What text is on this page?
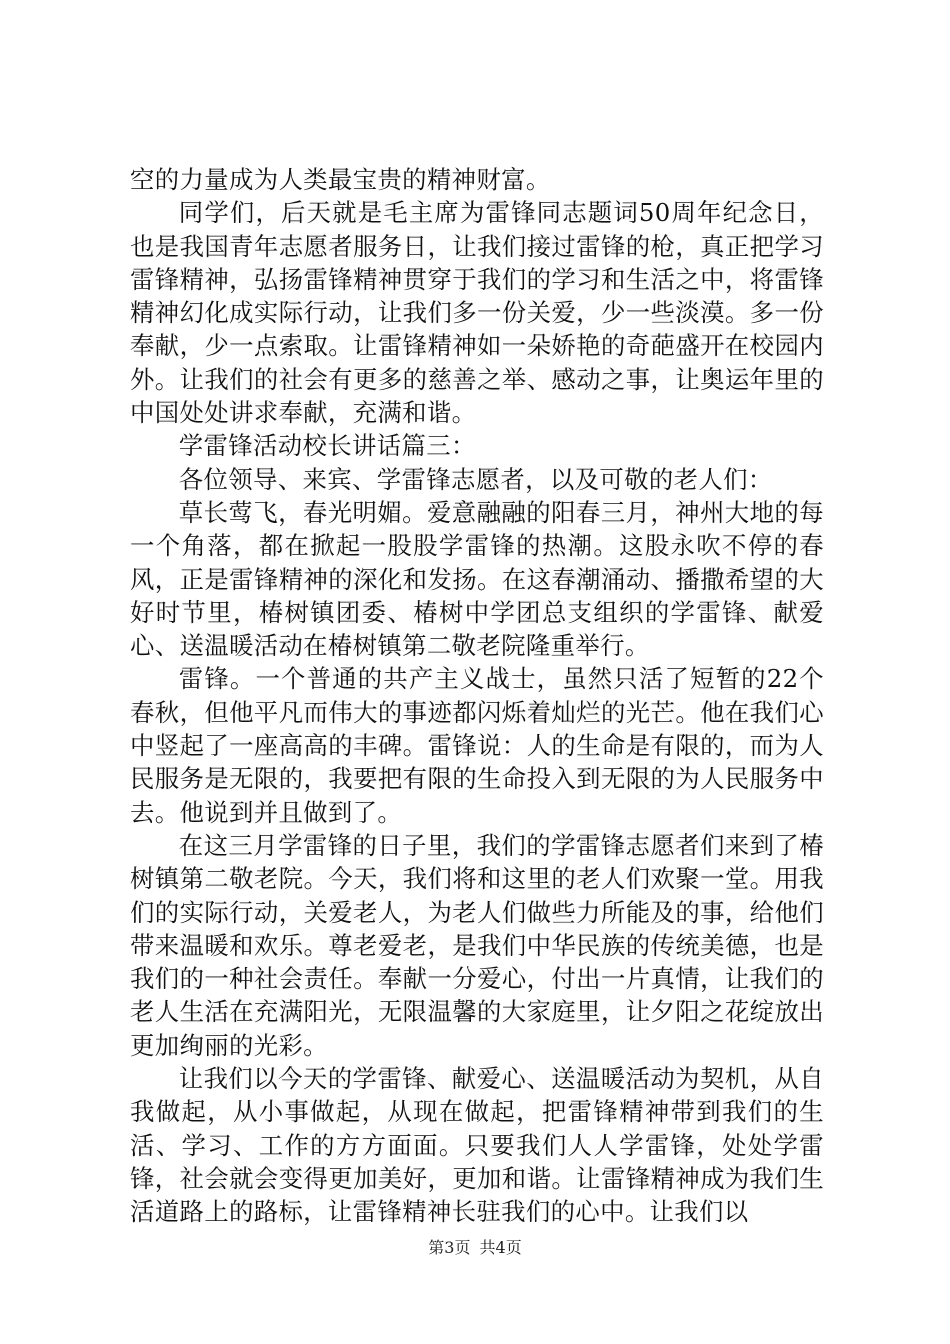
空的力量成为人类最宝贵的精神财富。

同学们，后天就是毛主席为雷锋同志题词50周年纪念日，也是我国青年志愿者服务日，让我们接过雷锋的枪，真正把学习雷锋精神，弘扬雷锋精神贯穿于我们的学习和生活之中，将雷锋精神幻化成实际行动，让我们多一份关爱，少一些淡漠。多一份奉献，少一点索取。让雷锋精神如一朵娇艳的奇葩盛开在校园内外。让我们的社会有更多的慈善之举、感动之事，让奥运年里的中国处处讲求奉献，充满和谐。

学雷锋活动校长讲话篇三：

各位领导、来宾、学雷锋志愿者，以及可敬的老人们：

草长莺飞，春光明媚。爱意融融的阳春三月，神州大地的每一个角落，都在掀起一股股学雷锋的热潮。这股永吹不停的春风，正是雷锋精神的深化和发扬。在这春潮涌动、播撒希望的大好时节里，椿树镇团委、椿树中学团总支组织的学雷锋、献爱心、送温暖活动在椿树镇第二敬老院隆重举行。

雷锋。一个普通的共产主义战士，虽然只活了短暂的22个春秋，但他平凡而伟大的事迹都闪烁着灿烂的光芒。他在我们心中竖起了一座高高的丰碑。雷锋说：人的生命是有限的，而为人民服务是无限的，我要把有限的生命投入到无限的为人民服务中去。他说到并且做到了。

在这三月学雷锋的日子里，我们的学雷锋志愿者们来到了椿树镇第二敬老院。今天，我们将和这里的老人们欢聚一堂。用我们的实际行动，关爱老人，为老人们做些力所能及的事，给他们带来温暖和欢乐。尊老爱老，是我们中华民族的传统美德，也是我们的一种社会责任。奉献一分爱心，付出一片真情，让我们的老人生活在充满阳光，无限温馨的大家庭里，让夕阳之花绽放出更加绚丽的光彩。

让我们以今天的学雷锋、献爱心、送温暖活动为契机，从自我做起，从小事做起，从现在做起，把雷锋精神带到我们的生活、学习、工作的方方面面。只要我们人人学雷锋，处处学雷锋，社会就会变得更加美好，更加和谐。让雷锋精神成为我们生活道路上的路标，让雷锋精神长驻我们的心中。让我们以

第3页 共4页
